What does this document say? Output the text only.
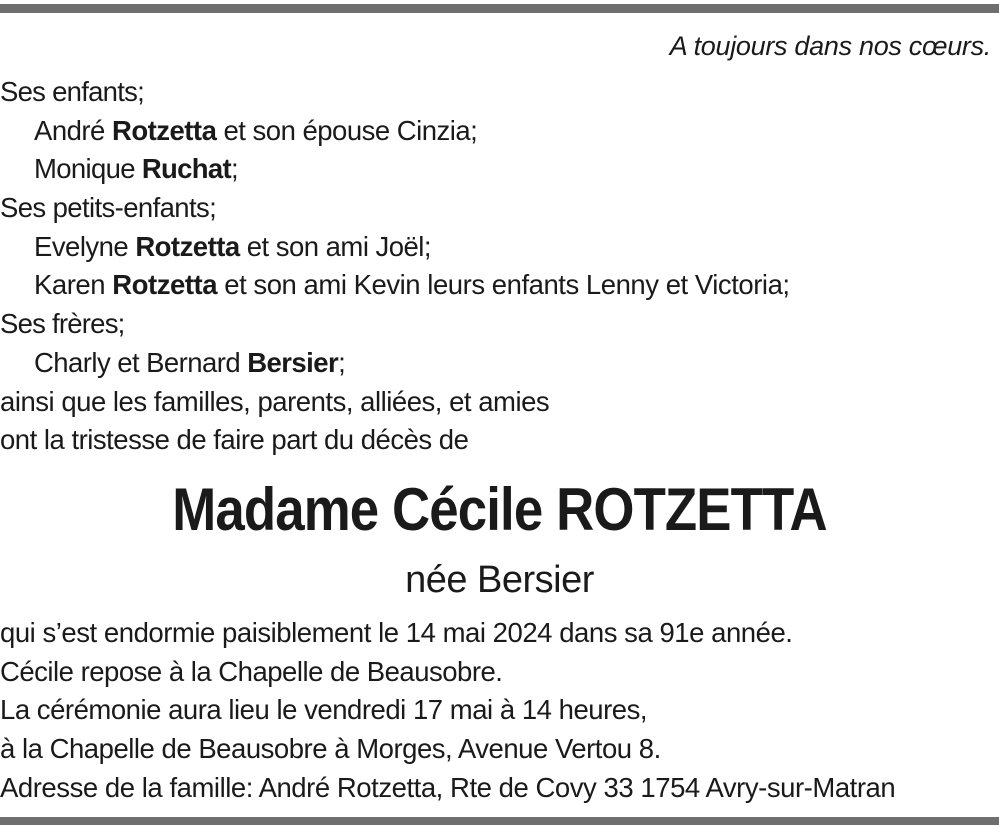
A toujours dans nos cœurs.
Ses enfants;
André Rotzetta et son épouse Cinzia;
Monique Ruchat;
Ses petits-enfants;
Evelyne Rotzetta et son ami Joël;
Karen Rotzetta et son ami Kevin leurs enfants Lenny et Victoria;
Ses frères;
Charly et Bernard Bersier;
ainsi que les familles, parents, alliées, et amies
ont la tristesse de faire part du décès de
Madame Cécile ROTZETTA
née Bersier
qui s’est endormie paisiblement le 14 mai 2024 dans sa 91e année.
Cécile repose à la Chapelle de Beausobre.
La cérémonie aura lieu le vendredi 17 mai à 14 heures,
à la Chapelle de Beausobre à Morges, Avenue Vertou 8.
Adresse de la famille: André Rotzetta, Rte de Covy 33 1754 Avry-sur-Matran
